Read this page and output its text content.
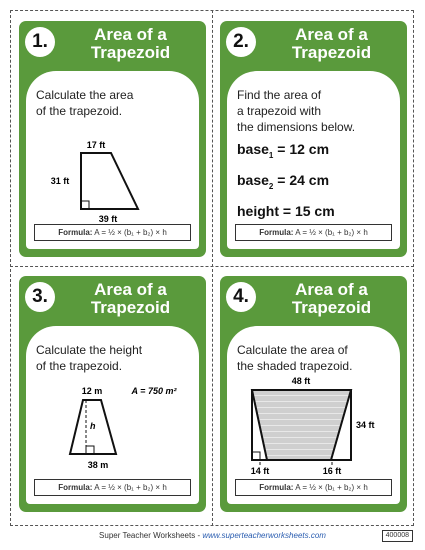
1.	Area of a
Trapezoid
Calculate the area
of the trapezoid.
17 ft
31 ft
39 ft
Formula: A = ½ × (b₁ + b₂) × h
2.	Area of a
Trapezoid
Find the area of
a trapezoid with
the dimensions below.
base$_1$ = 12 cm
base$_2$ = 24 cm
height = 15 cm
Formula: A = ½ × (b₁ + b₂) × h
3.	Area of a
Trapezoid
Calculate the height
of the trapezoid.
12 m	A = 750 m²
h
38 m
Formula: A = ½ × (b₁ + b₂) × h
4.	Area of a
Trapezoid
Calculate the area of
the shaded trapezoid.
48 ft
34 ft
14 ft	16 ft
Formula: A = ½ × (b₁ + b₂) × h
Super Teacher Worksheets - www.superteacherworksheets.com	400008
